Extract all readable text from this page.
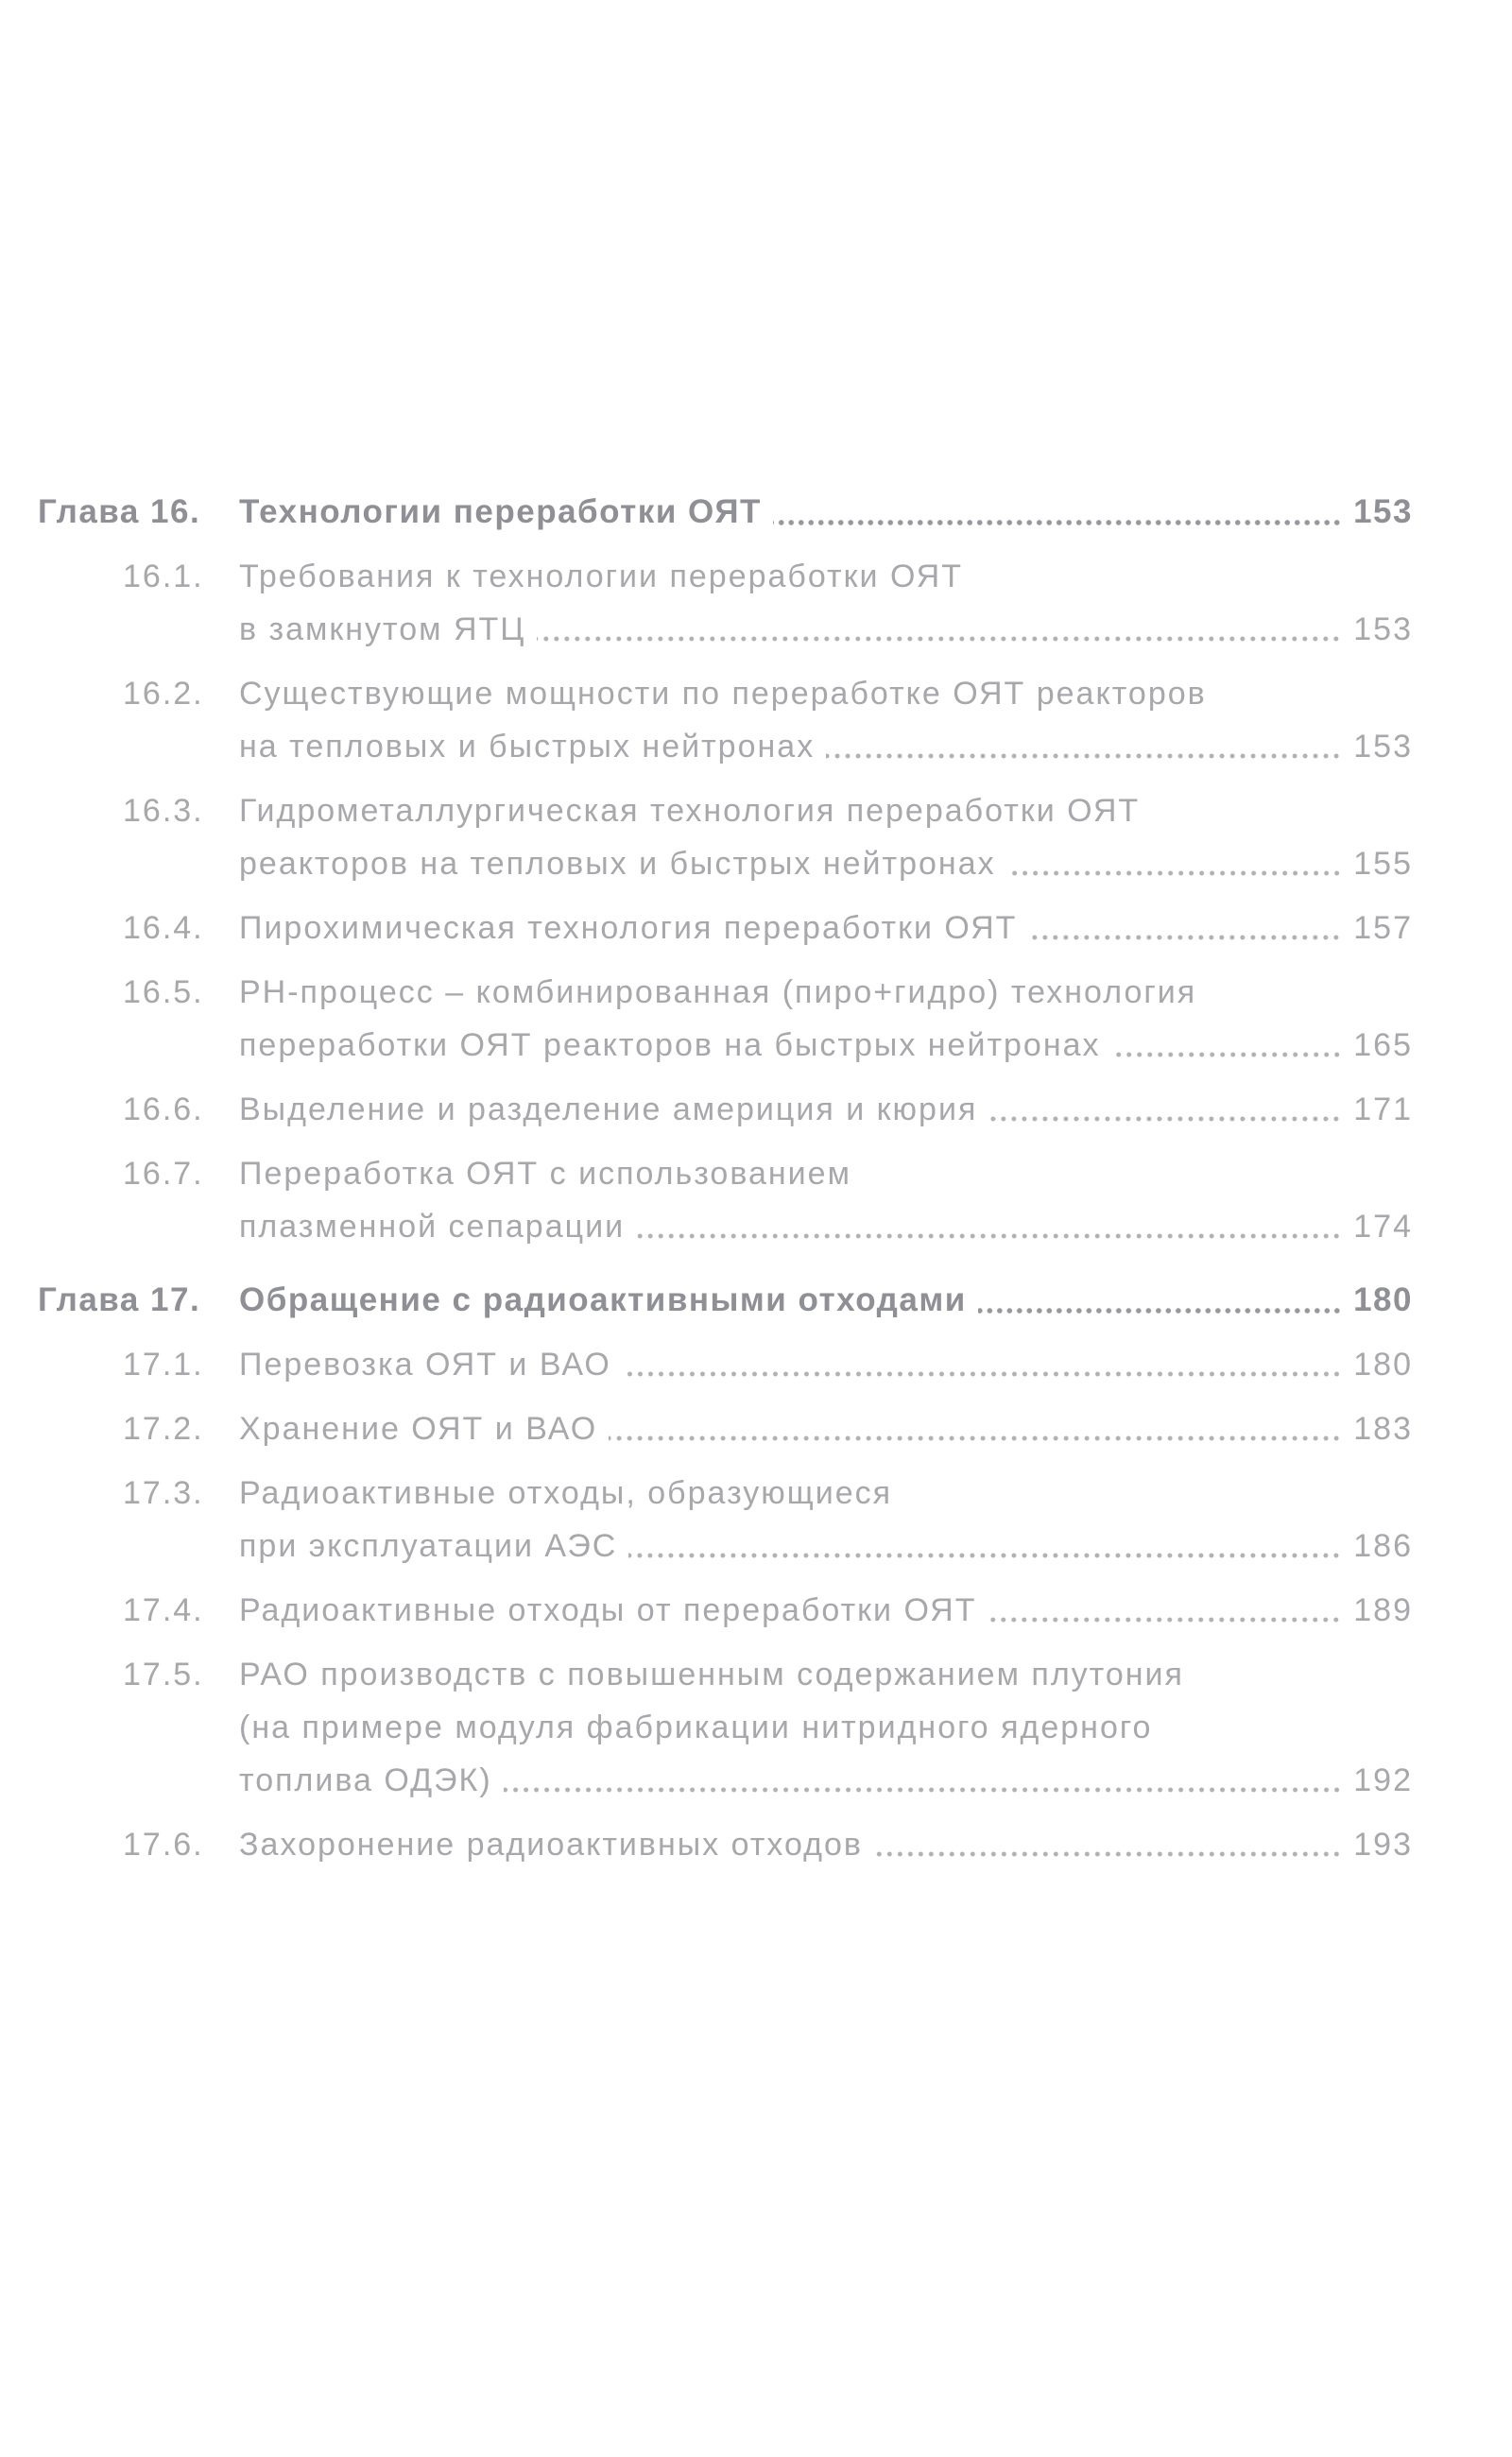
Глава 16.	Технологии переработки ОЯТ	153
16.1.	Требования к технологии переработки ОЯТ
в замкнутом ЯТЦ	153
16.2.	Существующие мощности по переработке ОЯТ реакторов
на тепловых и быстрых нейтронах	153
16.3.	Гидрометаллургическая технология переработки ОЯТ
реакторов на тепловых и быстрых нейтронах	155
16.4.	Пирохимическая технология переработки ОЯТ	157
16.5.	РН-процесс – комбинированная (пиро+гидро) технология
переработки ОЯТ реакторов на быстрых нейтронах	165
16.6.	Выделение и разделение америция и кюрия	171
16.7.	Переработка ОЯТ с использованием
плазменной сепарации	174
Глава 17.	Обращение с радиоактивными отходами	180
17.1.	Перевозка ОЯТ и ВАО	180
17.2.	Хранение ОЯТ и ВАО	183
17.3.	Радиоактивные отходы, образующиеся
при эксплуатации АЭС	186
17.4.	Радиоактивные отходы от переработки ОЯТ	189
17.5.	РАО производств с повышенным содержанием плутония
(на примере модуля фабрикации нитридного ядерного
топлива ОДЭК)	192
17.6.	Захоронение радиоактивных отходов	193
